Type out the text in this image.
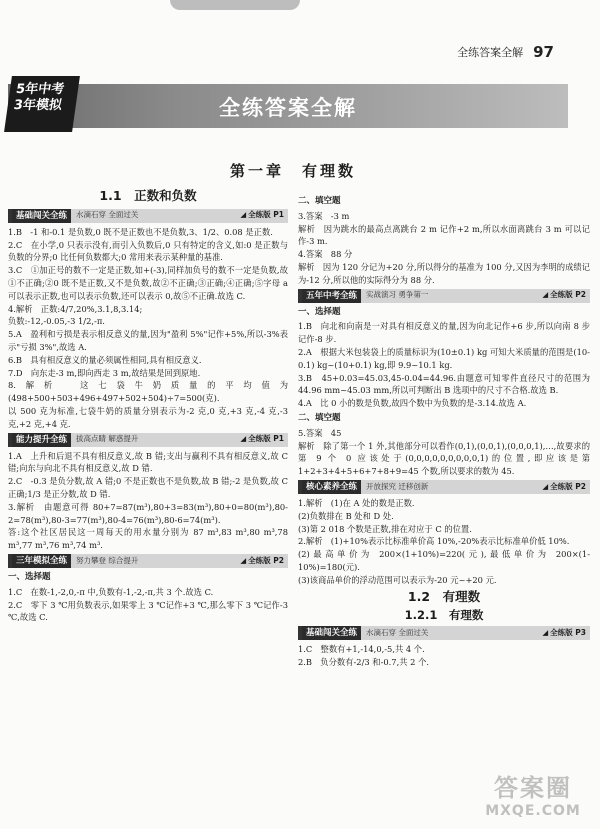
全练答案全解 97
5年中考
3年模拟	全练答案全解
第一章　有理数
1.1　正数和负数
基础闯关全练	水滴石穿 全面过关	◢ 全练版 P1

1.B　-1 和-0.1 是负数,0 既不是正数也不是负数,3、1/2、0.08 是正数.

2.C　在小学,0 只表示没有,而引入负数后,0 只有特定的含义,如:0 是正数与负数的分界;0 比任何负数都大;0 常用来表示某种量的基准.

3.C　①加正号的数不一定是正数,如+(-3),同样加负号的数不一定是负数,故①不正确;②0 既不是正数,又不是负数,故②不正确;③正确;④正确;⑤字母 a 可以表示正数,也可以表示负数,还可以表示 0,故⑤不正确.故选 C.

4.解析　正数:4/7,20%,3.1,8,3.14;

负数:-12,-0.05,-3 1/2,-π.

5.A　盈利和亏损是表示相反意义的量,因为"盈利 5%"记作+5%,所以-3%表示"亏损 3%",故选 A.

6.B　具有相反意义的量必须属性相同,具有相反意义.

7.D　向东走-3 m,即向西走 3 m,故结果是回到原地.

8.解析　这七袋牛奶质量的平均值为(498+500+503+496+497+502+504)÷7=500(克).

以 500 克为标准,七袋牛奶的质量分别表示为-2 克,0 克,+3 克,-4 克,-3 克,+2 克,+4 克.

能力提升全练	拔高点睛 解惑提升	◢ 全练版 P1

1.A　上升和后退不具有相反意义,故 B 错;支出与赢利不具有相反意义,故 C 错;向东与向北不具有相反意义,故 D 错.

2.C　-0.3 是负分数,故 A 错;0 不是正数也不是负数,故 B 错;-2 是负数,故 C 正确;1/3 是正分数,故 D 错.

3.解析　由题意可得 80+7=87(m³),80+3=83(m³),80+0=80(m³),80-2=78(m³),80-3=77(m³),80-4=76(m³),80-6=74(m³).

答:这个社区居民这一周每天的用水量分别为 87 m³,83 m³,80 m³,78 m³,77 m³,76 m³,74 m³.

三年模拟全练	努力攀登 综合提升	◢ 全练版 P2
一、选择题

1.C　在数-1,-2,0,-π 中,负数有-1,-2,-π,共 3 个.故选 C.

2.C　零下 3 ℃用负数表示,如果零上 3 ℃记作+3 ℃,那么零下 3 ℃记作-3 ℃,故选 C.

二、填空题

3.答案　-3 m

解析　因为跳水的最高点离跳台 2 m 记作+2 m,所以水面离跳台 3 m 可以记作-3 m.

4.答案　88 分

解析　因为 120 分记为+20 分,所以得分的基准为 100 分,又因为李明的成绩记为-12 分,所以他的实际得分为 88 分.

五年中考全练	实战演习 勇争第一	◢ 全练版 P2
一、选择题

1.B　向北和向南是一对具有相反意义的量,因为向北记作+6 步,所以向南 8 步记作-8 步.

2.A　根据大米包装袋上的质量标识为(10±0.1) kg 可知大米质量的范围是(10-0.1) kg~(10+0.1) kg,即 9.9~10.1 kg.

3.B　45+0.03=45.03,45-0.04=44.96.由题意可知零件直径尺寸的范围为 44.96 mm~45.03 mm,所以可判断出 B 选项中的尺寸不合格.故选 B.

4.A　比 0 小的数是负数,故四个数中为负数的是-3.14.故选 A.

二、填空题

5.答案　45

解析　除了第一个 1 外,其他部分可以看作(0,1),(0,0,1),(0,0,0,1),…,故要求的第 9 个 0 应该处于(0,0,0,0,0,0,0,0,0,1)的位置,即应该是第 1+2+3+4+5+6+7+8+9=45 个数,所以要求的数为 45.

核心素养全练	开放探究 迁移创新	◢ 全练版 P2

1.解析　(1)在 A 处的数是正数.

(2)负数排在 B 处和 D 处.

(3)第 2 018 个数是正数,排在对应于 C 的位置.

2.解析　(1)+10%表示比标准单价高 10%,-20%表示比标准单价低 10%.

(2)最高单价为 200×(1+10%)=220(元),最低单价为 200×(1-10%)=180(元).

(3)该商品单价的浮动范围可以表示为-20 元~+20 元.

1.2　有理数
1.2.1　有理数
基础闯关全练	水滴石穿 全面过关	◢ 全练版 P3

1.C　整数有+1,-14,0,-5,共 4 个.

2.B　负分数有-2/3 和-0.7,共 2 个.

答案圈
MXQE.COM
